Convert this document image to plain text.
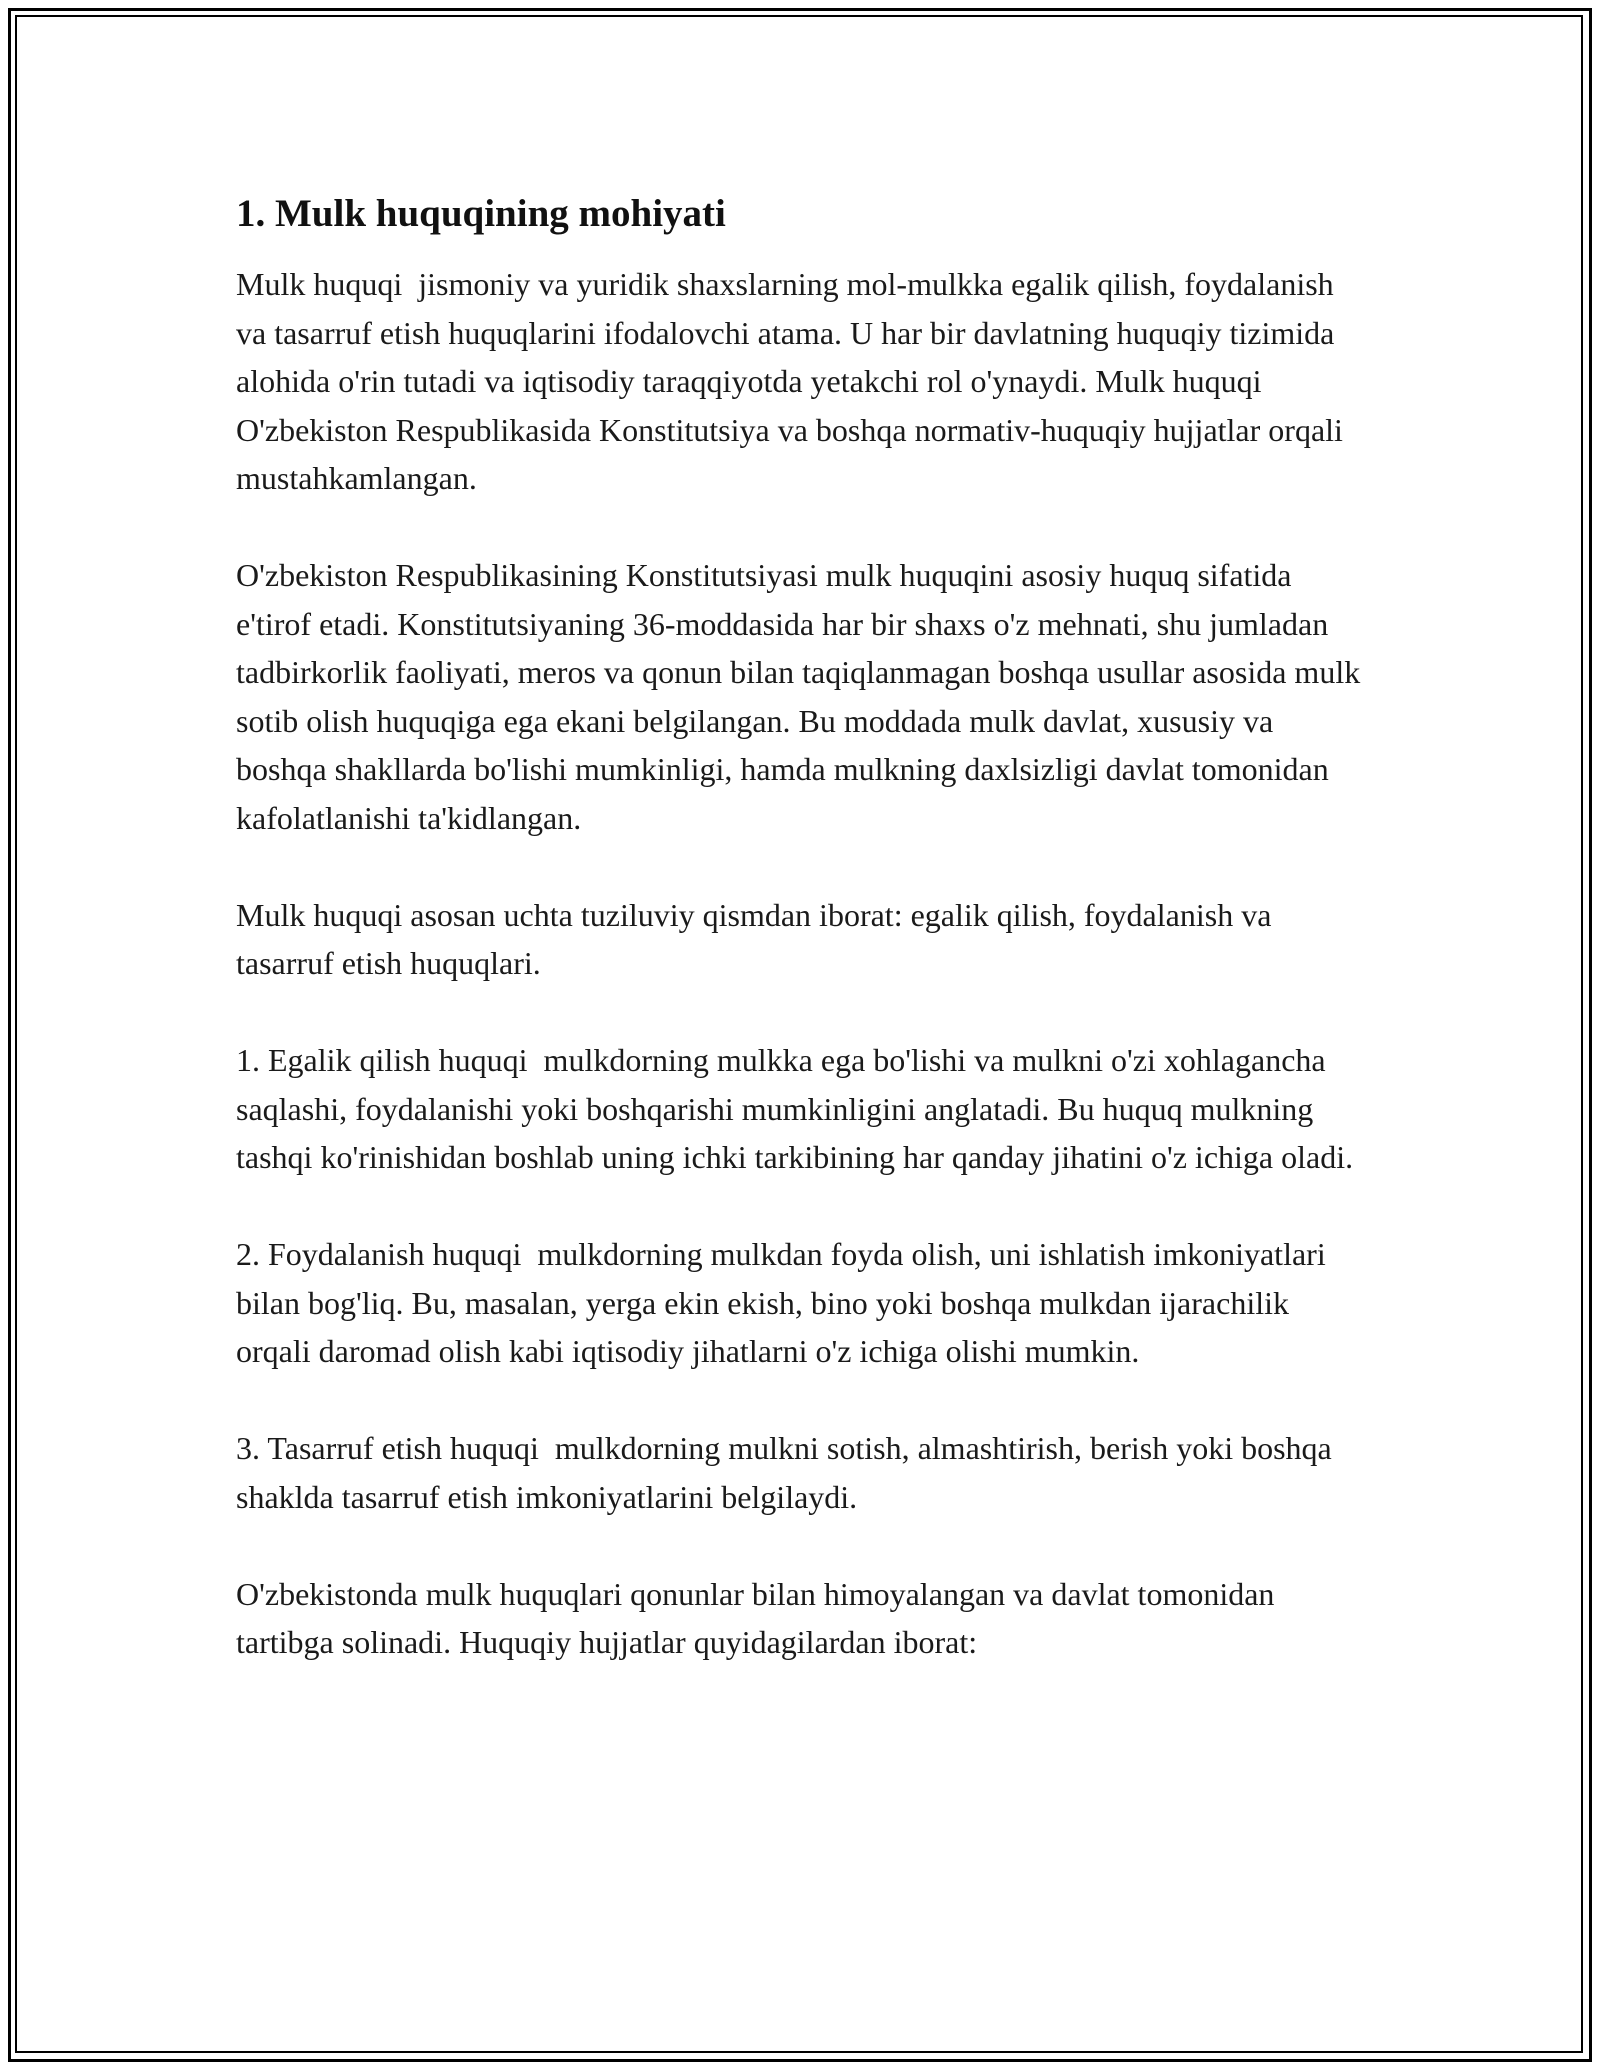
1. Mulk huquqining mohiyati

Mulk huquqi  jismoniy va yuridik shaxslarning mol-mulkka egalik qilish, foydalanish va tasarruf etish huquqlarini ifodalovchi atama. U har bir davlatning huquqiy tizimida alohida o'rin tutadi va iqtisodiy taraqqiyotda yetakchi rol o'ynaydi. Mulk huquqi O'zbekiston Respublikasida Konstitutsiya va boshqa normativ-huquqiy hujjatlar orqali mustahkamlangan.

O'zbekiston Respublikasining Konstitutsiyasi mulk huquqini asosiy huquq sifatida e'tirof etadi. Konstitutsiyaning 36-moddasida har bir shaxs o'z mehnati, shu jumladan tadbirkorlik faoliyati, meros va qonun bilan taqiqlanmagan boshqa usullar asosida mulk sotib olish huquqiga ega ekani belgilangan. Bu moddada mulk davlat, xususiy va boshqa shakllarda bo'lishi mumkinligi, hamda mulkning daxlsizligi davlat tomonidan kafolatlanishi ta'kidlangan.

Mulk huquqi asosan uchta tuziluviy qismdan iborat: egalik qilish, foydalanish va tasarruf etish huquqlari.

1. Egalik qilish huquqi  mulkdorning mulkka ega bo'lishi va mulkni o'zi xohlagancha saqlashi, foydalanishi yoki boshqarishi mumkinligini anglatadi. Bu huquq mulkning tashqi ko'rinishidan boshlab uning ichki tarkibining har qanday jihatini o'z ichiga oladi.

2. Foydalanish huquqi  mulkdorning mulkdan foyda olish, uni ishlatish imkoniyatlari bilan bog'liq. Bu, masalan, yerga ekin ekish, bino yoki boshqa mulkdan ijarachilik orqali daromad olish kabi iqtisodiy jihatlarni o'z ichiga olishi mumkin.

3. Tasarruf etish huquqi  mulkdorning mulkni sotish, almashtirish, berish yoki boshqa shaklda tasarruf etish imkoniyatlarini belgilaydi.

O'zbekistonda mulk huquqlari qonunlar bilan himoyalangan va davlat tomonidan tartibga solinadi. Huquqiy hujjatlar quyidagilardan iborat:
